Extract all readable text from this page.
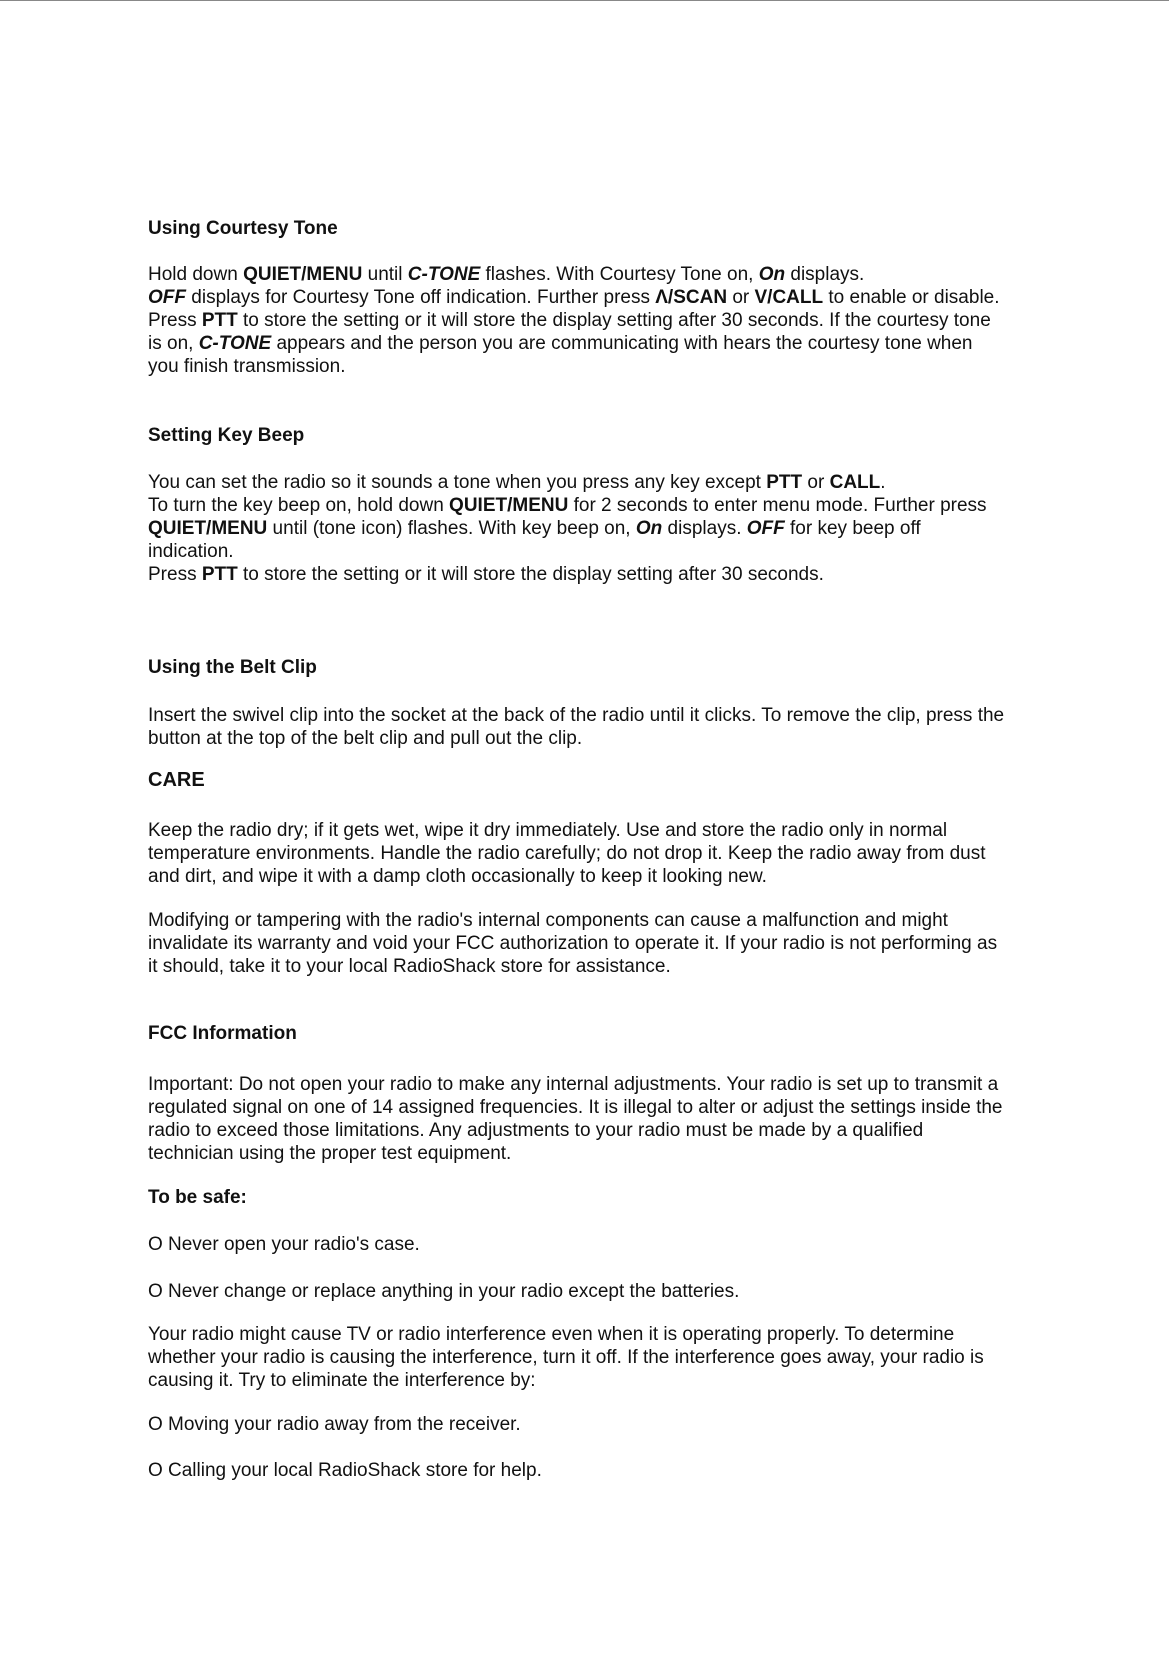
Using Courtesy Tone

Hold down QUIET/MENU until C-TONE flashes. With Courtesy Tone on, On displays.
OFF displays for Courtesy Tone off indication. Further press Λ/SCAN or V/CALL to enable or disable. Press PTT to store the setting or it will store the display setting after 30 seconds. If the courtesy tone is on, C-TONE appears and the person you are communicating with hears the courtesy tone when you finish transmission.

Setting Key Beep

You can set the radio so it sounds a tone when you press any key except PTT or CALL.
To turn the key beep on, hold down QUIET/MENU for 2 seconds to enter menu mode. Further press QUIET/MENU until (tone icon) flashes. With key beep on, On displays. OFF for key beep off indication.
Press PTT to store the setting or it will store the display setting after 30 seconds.

Using the Belt Clip

Insert the swivel clip into the socket at the back of the radio until it clicks. To remove the clip, press the button at the top of the belt clip and pull out the clip.

CARE

Keep the radio dry; if it gets wet, wipe it dry immediately. Use and store the radio only in normal temperature environments. Handle the radio carefully; do not drop it. Keep the radio away from dust and dirt, and wipe it with a damp cloth occasionally to keep it looking new.

Modifying or tampering with the radio's internal components can cause a malfunction and might invalidate its warranty and void your FCC authorization to operate it. If your radio is not performing as it should, take it to your local RadioShack store for assistance.

FCC Information

Important: Do not open your radio to make any internal adjustments. Your radio is set up to transmit a regulated signal on one of 14 assigned frequencies. It is illegal to alter or adjust the settings inside the radio to exceed those limitations. Any adjustments to your radio must be made by a qualified technician using the proper test equipment.

To be safe:

O Never open your radio's case.

O Never change or replace anything in your radio except the batteries.

Your radio might cause TV or radio interference even when it is operating properly. To determine whether your radio is causing the interference, turn it off. If the interference goes away, your radio is causing it. Try to eliminate the interference by:

O Moving your radio away from the receiver.

O Calling your local RadioShack store for help.
